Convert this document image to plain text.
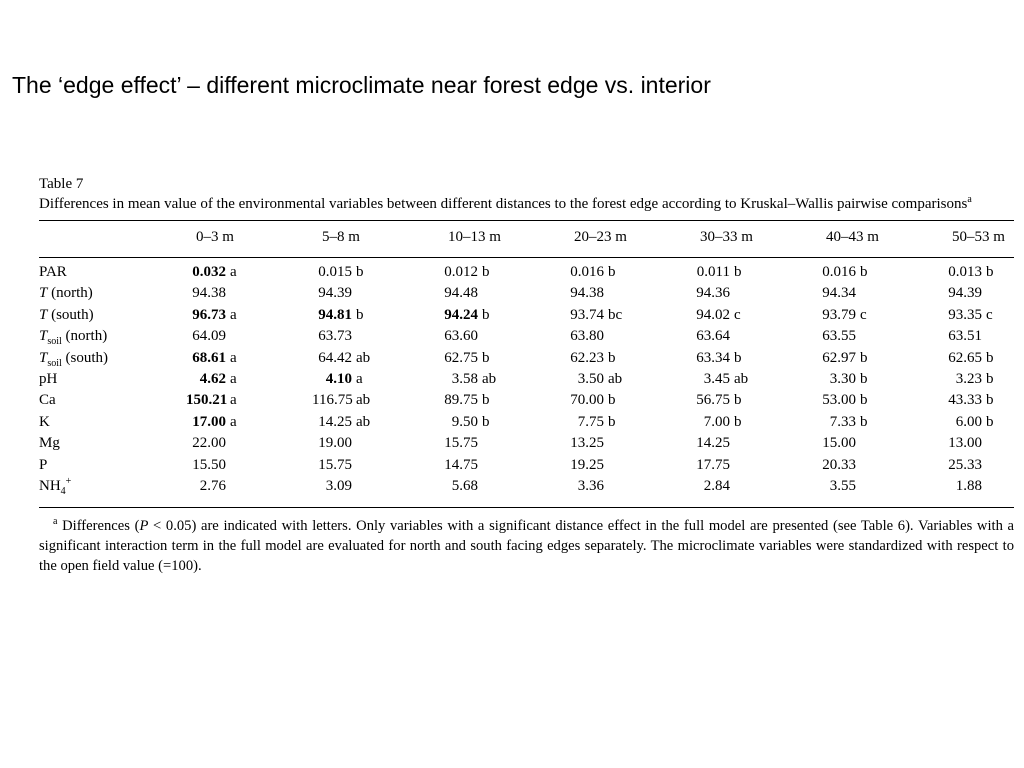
The ‘edge effect’ – different microclimate near forest edge vs. interior
Table 7
Differences in mean value of the environmental variables between different distances to the forest edge according to Kruskal–Wallis pairwise comparisons$^a$
0–3 m	5–8 m	10–13 m	20–23 m	30–33 m	40–43 m	50–53 m
PAR	0.032 a	0.015 b	0.012 b	0.016 b	0.011 b	0.016 b	0.013 b
T (north)	94.38	94.39	94.48	94.38	94.36	94.34	94.39
T (south)	96.73 a	94.81 b	94.24 b	93.74 bc	94.02 c	93.79 c	93.35 c
$T_{soil}$ (north)	64.09	63.73	63.60	63.80	63.64	63.55	63.51
$T_{soil}$ (south)	68.61 a	64.42 ab	62.75 b	62.23 b	63.34 b	62.97 b	62.65 b
pH	4.62 a	4.10 a	3.58 ab	3.50 ab	3.45 ab	3.30 b	3.23 b
Ca	150.21 a	116.75 ab	89.75 b	70.00 b	56.75 b	53.00 b	43.33 b
K	17.00 a	14.25 ab	9.50 b	7.75 b	7.00 b	7.33 b	6.00 b
Mg	22.00	19.00	15.75	13.25	14.25	15.00	13.00
P	15.50	15.75	14.75	19.25	17.75	20.33	25.33
$NH_4^+$	2.76	3.09	5.68	3.36	2.84	3.55	1.88
$^a$ Differences (P < 0.05) are indicated with letters. Only variables with a significant distance effect in the full model are presented (see Table 6). Variables with a significant interaction term in the full model are evaluated for north and south facing edges separately. The microclimate variables were standardized with respect to the open field value (=100).
